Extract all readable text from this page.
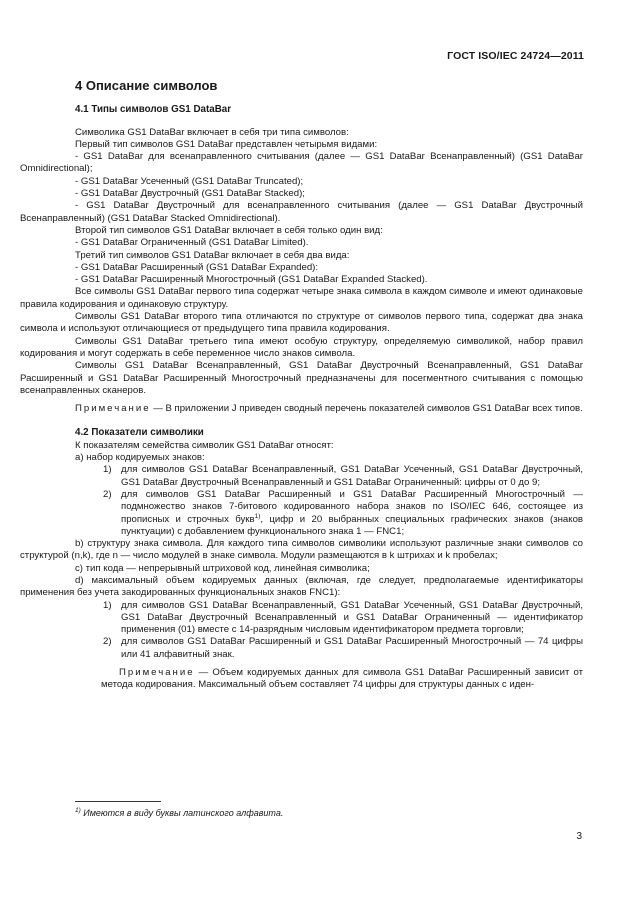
ГОСТ ISO/IEC 24724—2011

4 Описание символов

4.1 Типы символов GS1 DataBar

Символика GS1 DataBar включает в себя три типа символов:

Первый тип символов GS1 DataBar представлен четырьмя видами:

- GS1 DataBar для всенаправленного считывания (далее — GS1 DataBar Всенаправленный) (GS1 DataBar Omnidirectional);

- GS1 DataBar Усеченный (GS1 DataBar Truncated);

- GS1 DataBar Двустрочный (GS1 DataBar Stacked);

- GS1 DataBar Двустрочный для всенаправленного считывания (далее — GS1 DataBar Двустрочный Всенаправленный) (GS1 DataBar Stacked Omnidirectional).

Второй тип символов GS1 DataBar включает в себя только один вид:

- GS1 DataBar Ограниченный (GS1 DataBar Limited).

Третий тип символов GS1 DataBar включает в себя два вида:

- GS1 DataBar Расширенный (GS1 DataBar Expanded):

- GS1 DataBar Расширенный Многострочный (GS1 DataBar Expanded Stacked).

Все символы GS1 DataBar первого типа содержат четыре знака символа в каждом символе и имеют одинаковые правила кодирования и одинаковую структуру.

Символы GS1 DataBar второго типа отличаются по структуре от символов первого типа, содержат два знака символа и используют отличающиеся от предыдущего типа правила кодирования.

Символы GS1 DataBar третьего типа имеют особую структуру, определяемую символикой, набор правил кодирования и могут содержать в себе переменное число знаков символа.

Символы GS1 DataBar Всенаправленный, GS1 DataBar Двустрочный Всенаправленный, GS1 DataBar Расширенный и GS1 DataBar Расширенный Многострочный предназначены для посегментного считывания с помощью всенаправленных сканеров.

Примечание — В приложении J приведен сводный перечень показателей символов GS1 DataBar всех типов.

4.2 Показатели символики

К показателям семейства символик GS1 DataBar относят:

а) набор кодируемых знаков:

1) для символов GS1 DataBar Всенаправленный, GS1 DataBar Усеченный, GS1 DataBar Двустрочный, GS1 DataBar Двустрочный Всенаправленный и GS1 DataBar Ограниченный: цифры от 0 до 9;

2) для символов GS1 DataBar Расширенный и GS1 DataBar Расширенный Многострочный — подмножество знаков 7-битового кодированного набора знаков по ISO/IEC 646, состоящее из прописных и строчных букв$^{1)}$, цифр и 20 выбранных специальных графических знаков (знаков пунктуации) с добавлением функционального знака 1 — FNC1;

b) структуру знака символа. Для каждого типа символов символики используют различные знаки символов со структурой (n,k), где n — число модулей в знаке символа. Модули размещаются в k штрихах и k пробелах;

c) тип кода — непрерывный штриховой код, линейная символика;

d) максимальный объем кодируемых данных (включая, где следует, предполагаемые идентификаторы применения без учета закодированных функциональных знаков FNC1):

1) для символов GS1 DataBar Всенаправленный, GS1 DataBar Усеченный, GS1 DataBar Двустрочный, GS1 DataBar Двустрочный Всенаправленный и GS1 DataBar Ограниченный — идентификатор применения (01) вместе с 14-разрядным числовым идентификатором предмета торговли;

2) для символов GS1 DataBar Расширенный и GS1 DataBar Расширенный Многострочный — 74 цифры или 41 алфавитный знак.

Примечание — Объем кодируемых данных для символа GS1 DataBar Расширенный зависит от метода кодирования. Максимальный объем составляет 74 цифры для структуры данных с иден-

$^{1)}$ Имеются в виду буквы латинского алфавита.
3
